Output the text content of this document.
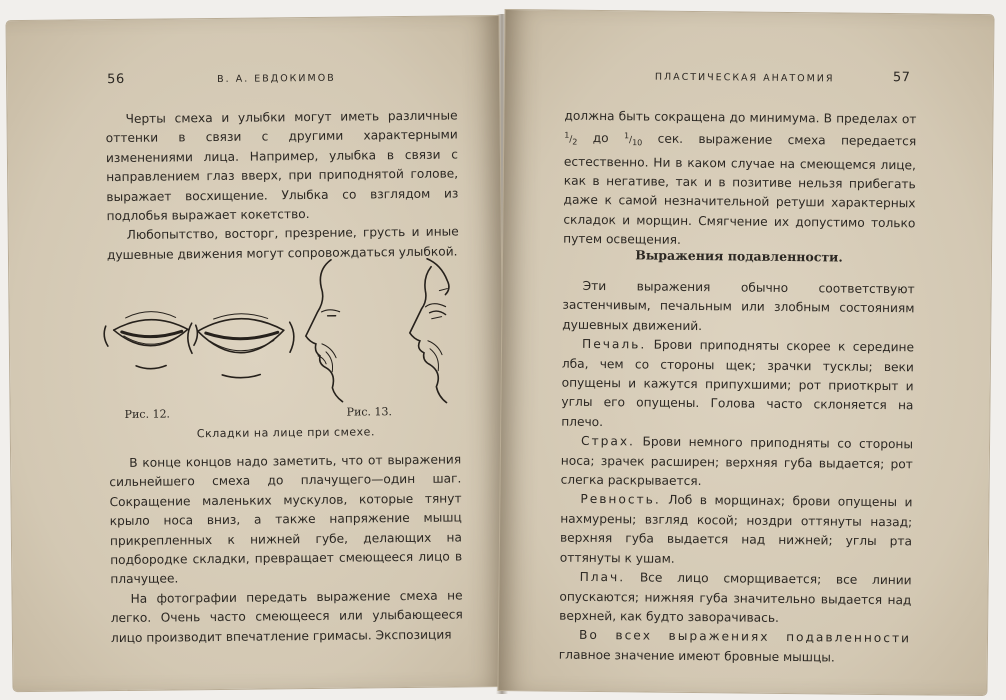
56	В. А. ЕВДОКИМОВ

Черты смеха и улыбки могут иметь различные оттенки в связи с другими характерными изменениями лица. Например, улыбка в связи с направлением глаз вверх, при приподнятой голове, выражает восхищение. Улыбка со взглядом из подлобья выражает кокетство.

Любопытство, восторг, презрение, грусть и иные душевные движения могут сопровождаться улыбкой.

Рис. 12.	Рис. 13.
Складки на лице при смехе.

В конце концов надо заметить, что от выражения сильнейшего смеха до плачущего—один шаг. Сокращение маленьких мускулов, которые тянут крыло носа вниз, а также напряжение мышц прикрепленных к нижней губе, делающих на подбородке складки, превращает смеющееся лицо в плачущее.

На фотографии передать выражение смеха не легко. Очень часто смеющееся или улыбающееся лицо производит впечатление гримасы. Экспозиция

ПЛАСТИЧЕСКАЯ АНАТОМИЯ	57

должна быть сокращена до минимума. В пределах от $^1/_2$ до $^1/_{10}$ сек. выражение смеха передается естественно. Ни в каком случае на смеющемся лице, как в негативе, так и в позитиве нельзя прибегать даже к самой незначительной ретуши характерных складок и морщин. Смягчение их допустимо только путем освещения.

Выражения подавленности.

Эти выражения обычно соответствуют застенчивым, печальным или злобным состояниям душевных движений.

Печаль. Брови приподняты скорее к середине лба, чем со стороны щек; зрачки тусклы; веки опущены и кажутся припухшими; рот приоткрыт и углы его опущены. Голова часто склоняется на плечо.

Страх. Брови немного приподняты со стороны носа; зрачек расширен; верхняя губа выдается; рот слегка раскрывается.

Ревность. Лоб в морщинах; брови опущены и нахмурены; взгляд косой; ноздри оттянуты назад; верхняя губа выдается над нижней; углы рта оттянуты к ушам.

Плач. Все лицо сморщивается; все линии опускаются; нижняя губа значительно выдается над верхней, как будто заворачивась.

Во всех выражениях подавленности главное значение имеют бровные мышцы.
